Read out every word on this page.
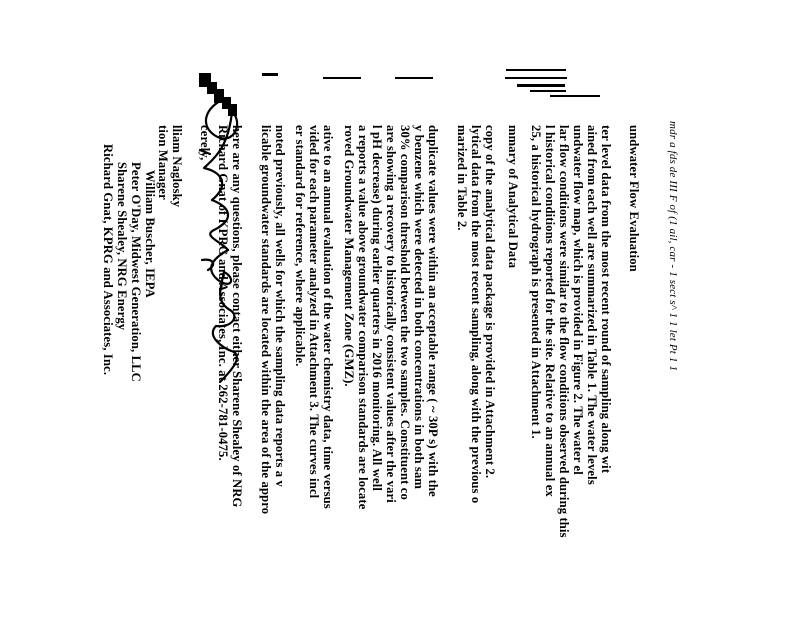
mdr a fds de III F of (1 ail, car - 1 sect s^ 1 1 let Pt 1 1
undwater Flow Evaluation
ter level data from the most recent round of sampling along wit
ained from each well are summarized in Table 1. The water levels
undwater flow map, which is provided in Figure 2. The water el
lar flow conditions were similar to the flow conditions observed during this
l historical conditions reported for the site. Relative to an annual ex
25, a historical hydrograph is presented in Attachment 1.
mmary of Analytical Data
copy of the analytical data package is provided in Attachment 2.
lytical data from the most recent sampling, along with the previous o
marized in Table 2.
duplicate values were within an acceptable range ( ~ 30P s) with the
y benzene which were detected in both concentrations in both sam
30% comparison threshold between the two samples. Constituent co
are showing a recovery to historically consistent values after the vari
l pH decrease) during earlier quarters in 2016 monitoring. All well
a reports a value above groundwater comparison standards are locate
roved Groundwater Management Zone (GMZ).
ative to an annual evaluation of the water chemistry data, time versus
vided for each parameter analyzed in Attachment 3. The curves incl
er standard for reference, where applicable.
noted previously, all wells for which the sampling data reports a v
licable groundwater standards are located within the area of the appro
here are any questions, please contact either Sharene Shealey of NRG
Richard Gnat of KPRG and Associates, Inc. at 262-781-0475.
cerely,
lliam Naglosky
tion Manager
William Buscher, IEPA
Peter O'Day, Midwest Generation, LLC
Sharene Shealey, NRG Energy
Richard Gnat, KPRG and Associates, Inc.
